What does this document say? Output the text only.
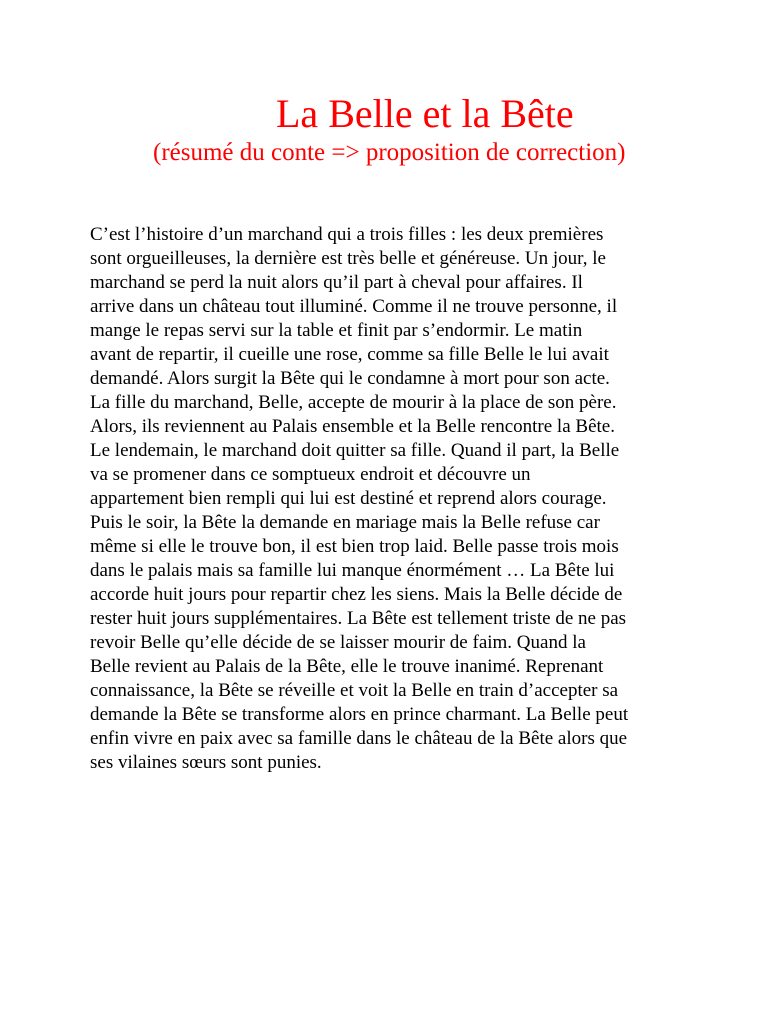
La Belle et la Bête
(résumé du conte => proposition de correction)
C’est l’histoire d’un marchand qui a trois filles : les deux premières
sont orgueilleuses, la dernière est très belle et généreuse. Un jour, le
marchand se perd la nuit alors qu’il part à cheval pour affaires. Il
arrive dans un château tout illuminé. Comme il ne trouve personne, il
mange le repas servi sur la table et finit par s’endormir. Le matin
avant de repartir, il cueille une rose, comme sa fille Belle le lui avait
demandé. Alors surgit la Bête qui le condamne à mort pour son acte.
La fille du marchand, Belle, accepte de mourir à la place de son père.
Alors, ils reviennent au Palais ensemble et la Belle rencontre la Bête.
Le lendemain, le marchand doit quitter sa fille. Quand il part, la Belle
va se promener dans ce somptueux endroit et découvre un
appartement bien rempli qui lui est destiné et reprend alors courage.
Puis le soir, la Bête la demande en mariage mais la Belle refuse car
même si elle le trouve bon, il est bien trop laid. Belle passe trois mois
dans le palais mais sa famille lui manque énormément … La Bête lui
accorde huit jours pour repartir chez les siens. Mais la Belle décide de
rester huit jours supplémentaires. La Bête est tellement triste de ne pas
revoir Belle qu’elle décide de se laisser mourir de faim. Quand la
Belle revient au Palais de la Bête, elle le trouve inanimé. Reprenant
connaissance, la Bête se réveille et voit la Belle en train d’accepter sa
demande la Bête se transforme alors en prince charmant. La Belle peut
enfin vivre en paix avec sa famille dans le château de la Bête alors que
ses vilaines sœurs sont punies.
